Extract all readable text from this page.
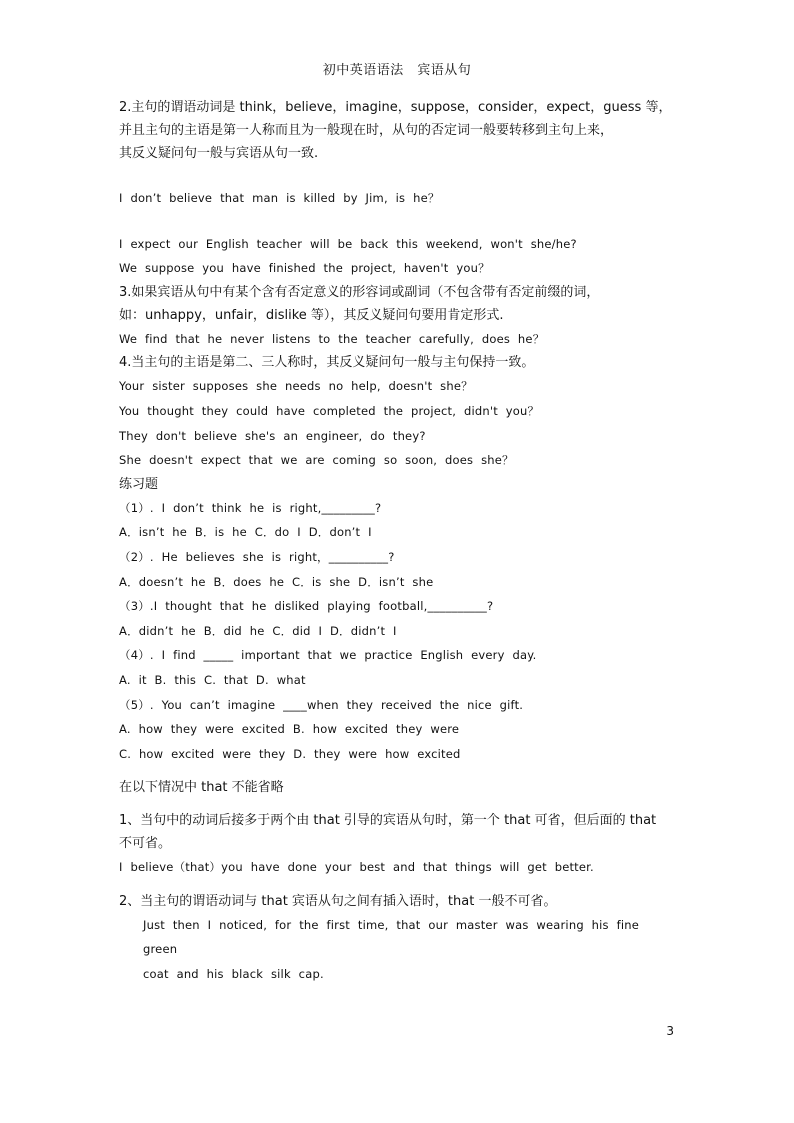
初中英语语法　宾语从句

2.主句的谓语动词是 think，believe，imagine，suppose，consider，expect，guess 等，

并且主句的主语是第一人称而且为一般现在时，从句的否定词一般要转移到主句上来，

其反义疑问句一般与宾语从句一致.

I don’t believe that man is killed by Jim, is he？

I expect our English teacher will be back this weekend, won't she/he?

We suppose you have finished the project, haven't you？

3.如果宾语从句中有某个含有否定意义的形容词或副词（不包含带有否定前缀的词，

如：unhappy，unfair，dislike 等），其反义疑问句要用肯定形式.

We find that he never listens to the teacher carefully, does he？

4.当主句的主语是第二、三人称时，其反义疑问句一般与主句保持一致。

Your sister supposes she needs no help, doesn't she？

You thought they could have completed the project, didn't you？

They don't believe she's an engineer, do they?

She doesn't expect that we are coming so soon, does she？

练习题

（1）. I don’t think he is right,_________?

A．isn’t he B．is he C．do I D．don’t I

（2）. He believes she is right，__________?

A．doesn’t he B．does he C．is she D．isn’t she

（3）.I thought that he disliked playing football,__________?

A．didn’t he B．did he C．did I D．didn’t I

（4）. I find _____ important that we practice English every day.

A. it B. this C. that D. what

（5）. You can’t imagine ____when they received the nice gift.

A. how they were excited B. how excited they were

C. how excited were they D. they were how excited

在以下情况中 that 不能省略

1、当句中的动词后接多于两个由 that 引导的宾语从句时，第一个 that 可省，但后面的 that

不可省。

I believe（that）you have done your best and that things will get better.

2、当主句的谓语动词与 that 宾语从句之间有插入语时，that 一般不可省。

Just then I noticed, for the first time, that our master was wearing his fine green

coat and his black silk cap.

3
